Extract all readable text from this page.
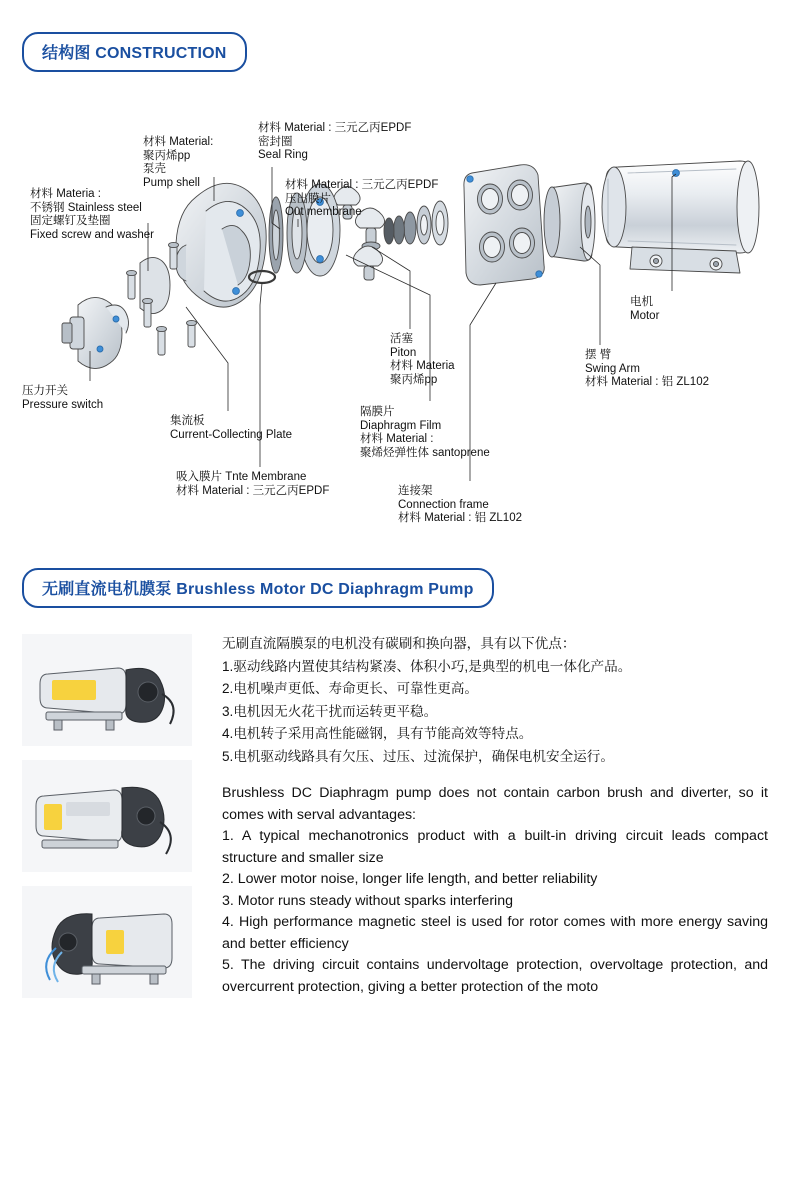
结构图 CONSTRUCTION
材料 Material : 三元乙丙EPDF
密封圈
Seal Ring
材料 Material:
聚丙烯pp
泵壳
Pump shell	材料 Material : 三元乙丙EPDF
压出膜片
Out membrane
材料 Materia :
不锈钢 Stainless steel
固定螺钉及垫圈
Fixed screw and washer
电机
Motor
活塞
Piton
材料 Materia
聚丙烯pp
摆 臂
Swing Arm
材料 Material : 铝 ZL102
压力开关
Pressure switch
隔膜片
Diaphragm Film
材料 Material :
聚烯烃弹性体 santoprene
集流板
Current-Collecting Plate
连接架
Connection frame
材料 Material : 铝 ZL102
吸入膜片 Tnte Membrane
材料 Material : 三元乙丙EPDF
无刷直流电机膜泵 Brushless Motor DC Diaphragm Pump

无刷直流隔膜泵的电机没有碳刷和换向器，具有以下优点：

1.驱动线路内置使其结构紧凑、体积小巧,是典型的机电一体化产品。

2.电机噪声更低、寿命更长、可靠性更高。

3.电机因无火花干扰而运转更平稳。

4.电机转子采用高性能磁钢，具有节能高效等特点。

5.电机驱动线路具有欠压、过压、过流保护，确保电机安全运行。

Brushless DC Diaphragm pump does not contain carbon brush and diverter, so it comes with serval advantages:

1. A typical mechanotronics product with a built-in driving circuit leads compact structure and smaller size

2. Lower motor noise, longer life length, and better reliability

3. Motor runs steady without sparks interfering

4. High performance magnetic steel is used for rotor comes with more energy saving and better efficiency

5. The driving circuit contains undervoltage protection, overvoltage protection, and overcurrent protection, giving a better protection of the moto
